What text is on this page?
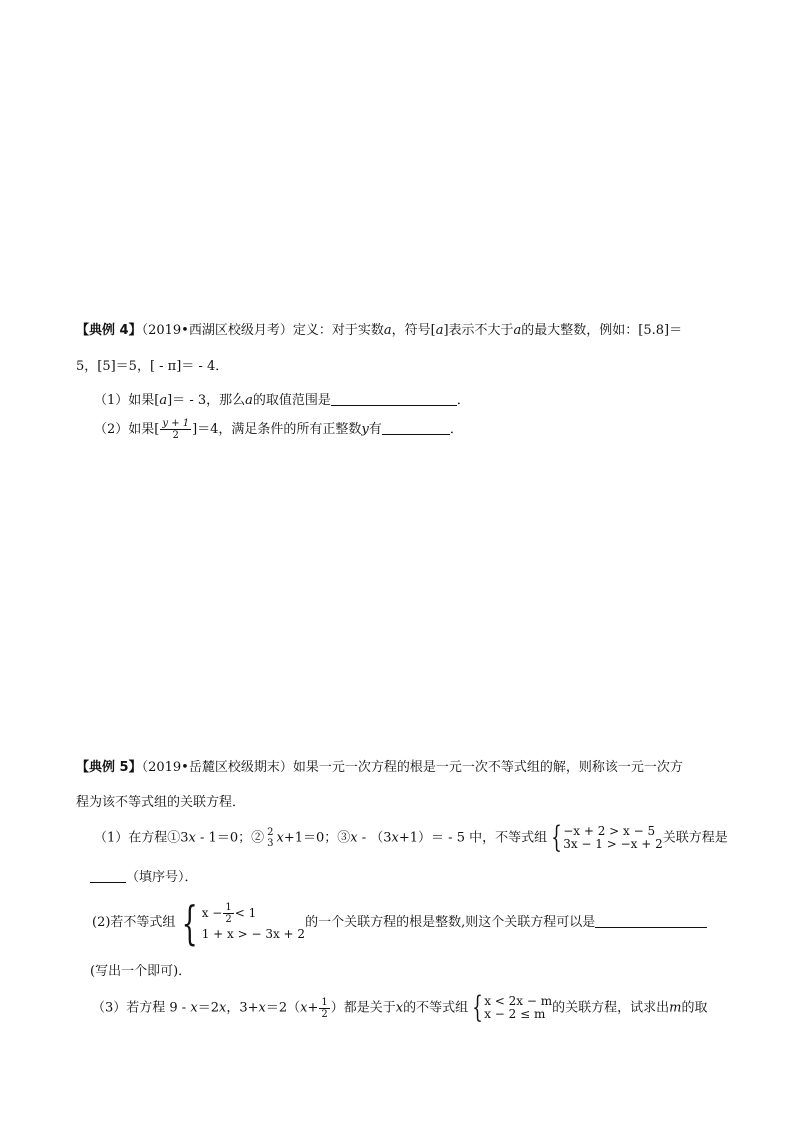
【典例 4】（2019•西湖区校级月考）定义：对于实数a，符号[a]表示不大于a的最大整数，例如：[5.8]＝
5，[5]＝5，[ - π]＝ - 4．
（1）如果[a]＝ - 3，那么a的取值范围是	．
（2）如果[ $\frac{y + 1}{2} ]=4$，满足条件的所有正整数y有	．
【典例 5】（2019•岳麓区校级期末）如果一元一次方程的根是一元一次不等式组的解，则称该一元一次方
程为该不等式组的关联方程．
（1）在方程①3x - 1＝0；② 2
3 x+1＝0；③x - （3x+1）＝ - 5 中，不等式组 { −x + 2 > x − 5
3x − 1 > −x + 2 关联方程是
（填序号）．
(2)若不等式组 { $x - \frac{1}{2} < 1$
1 + x > − 3x + 2
的一个关联方程的根是整数,则这个关联方程可以是
(写出一个即可)．
（3）若方程 9 - x＝2x，$3+x=2(x+ \frac{1}{2}$ ）都是关于x的不等式组 { x < 2x − m
x − 2 ≤ m 的关联方程，试求出m的取
